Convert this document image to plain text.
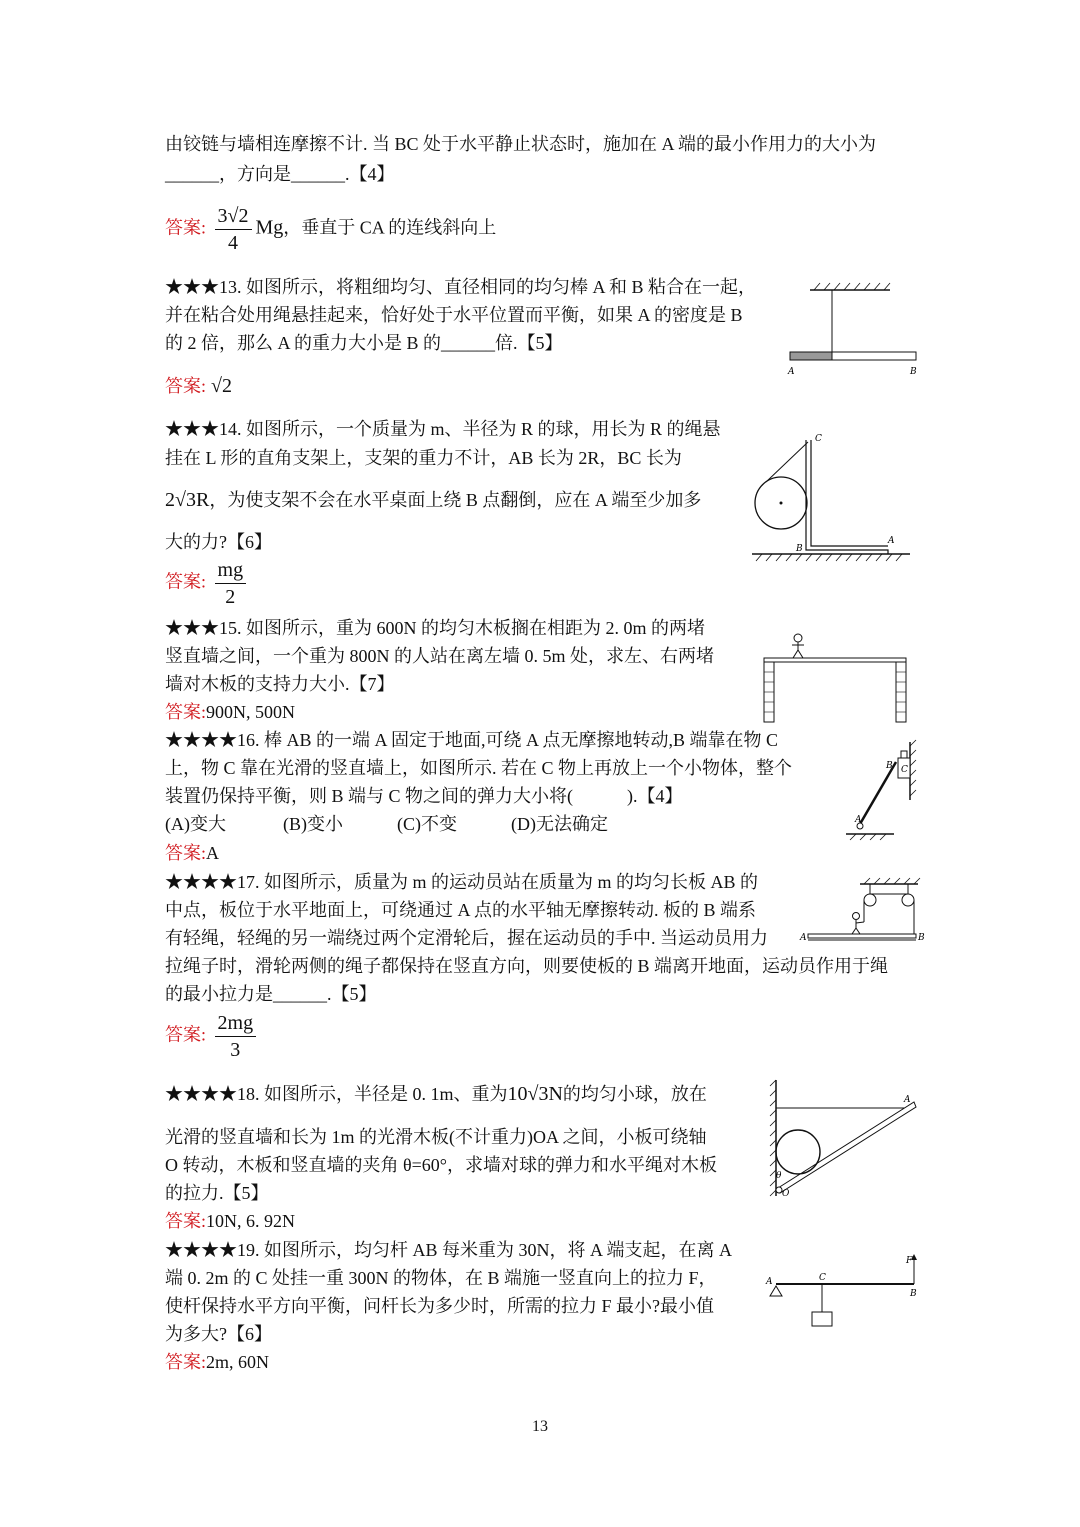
由铰链与墙相连摩擦不计. 当 BC 处于水平静止状态时，施加在 A 端的最小作用力的大小为
______，方向是______.【4】
答案: $\frac{3√2}{4}$ Mg，垂直于 CA 的连线斜向上
★★★13. 如图所示，将粗细均匀、直径相同的均匀棒 A 和 B 粘合在一起，
并在粘合处用绳悬挂起来，恰好处于水平位置而平衡，如果 A 的密度是 B
的 2 倍，那么 A 的重力大小是 B 的______倍.【5】
答案: √2
A	B
★★★14. 如图所示，一个质量为 m、半径为 R 的球，用长为 R 的绳悬
挂在 L 形的直角支架上，支架的重力不计，AB 长为 2R，BC 长为
2√3R，为使支架不会在水平桌面上绕 B 点翻倒，应在 A 端至少加多
大的力?【6】
答案: $\frac{mg}{2}$
C
B
A
★★★15. 如图所示，重为 600N 的均匀木板搁在相距为 2. 0m 的两堵
竖直墙之间，一个重为 800N 的人站在离左墙 0. 5m 处，求左、右两堵
墙对木板的支持力大小.【7】
答案:900N, 500N
★★★★16. 棒 AB 的一端 A 固定于地面,可绕 A 点无摩擦地转动,B 端靠在物 C
上，物 C 靠在光滑的竖直墙上，如图所示. 若在 C 物上再放上一个小物体，整个
装置仍保持平衡，则 B 端与 C 物之间的弹力大小将(　　　).【4】
(A)变大	(B)变小	(C)不变	(D)无法确定
答案:A
B C
A
★★★★17. 如图所示，质量为 m 的运动员站在质量为 m 的均匀长板 AB 的
中点，板位于水平地面上，可绕通过 A 点的水平轴无摩擦转动. 板的 B 端系
有轻绳，轻绳的另一端绕过两个定滑轮后，握在运动员的手中. 当运动员用力
拉绳子时，滑轮两侧的绳子都保持在竖直方向，则要使板的 B 端离开地面，运动员作用于绳
的最小拉力是______.【5】
答案: $\frac{2mg}{3}$
A	B
★★★★18. 如图所示，半径是 0. 1m、重为10√3N的均匀小球，放在
光滑的竖直墙和长为 1m 的光滑木板(不计重力)OA 之间，小板可绕轴
O 转动，木板和竖直墙的夹角 θ=60°，求墙对球的弹力和水平绳对木板
的拉力.【5】
答案:10N, 6. 92N
A
θ
O
★★★★19. 如图所示，均匀杆 AB 每米重为 30N，将 A 端支起，在离 A
端 0. 2m 的 C 处挂一重 300N 的物体，在 B 端施一竖直向上的拉力 F，
使杆保持水平方向平衡，问杆长为多少时，所需的拉力 F 最小?最小值
为多大?【6】
答案:2m, 60N
F
A	C
B
13
